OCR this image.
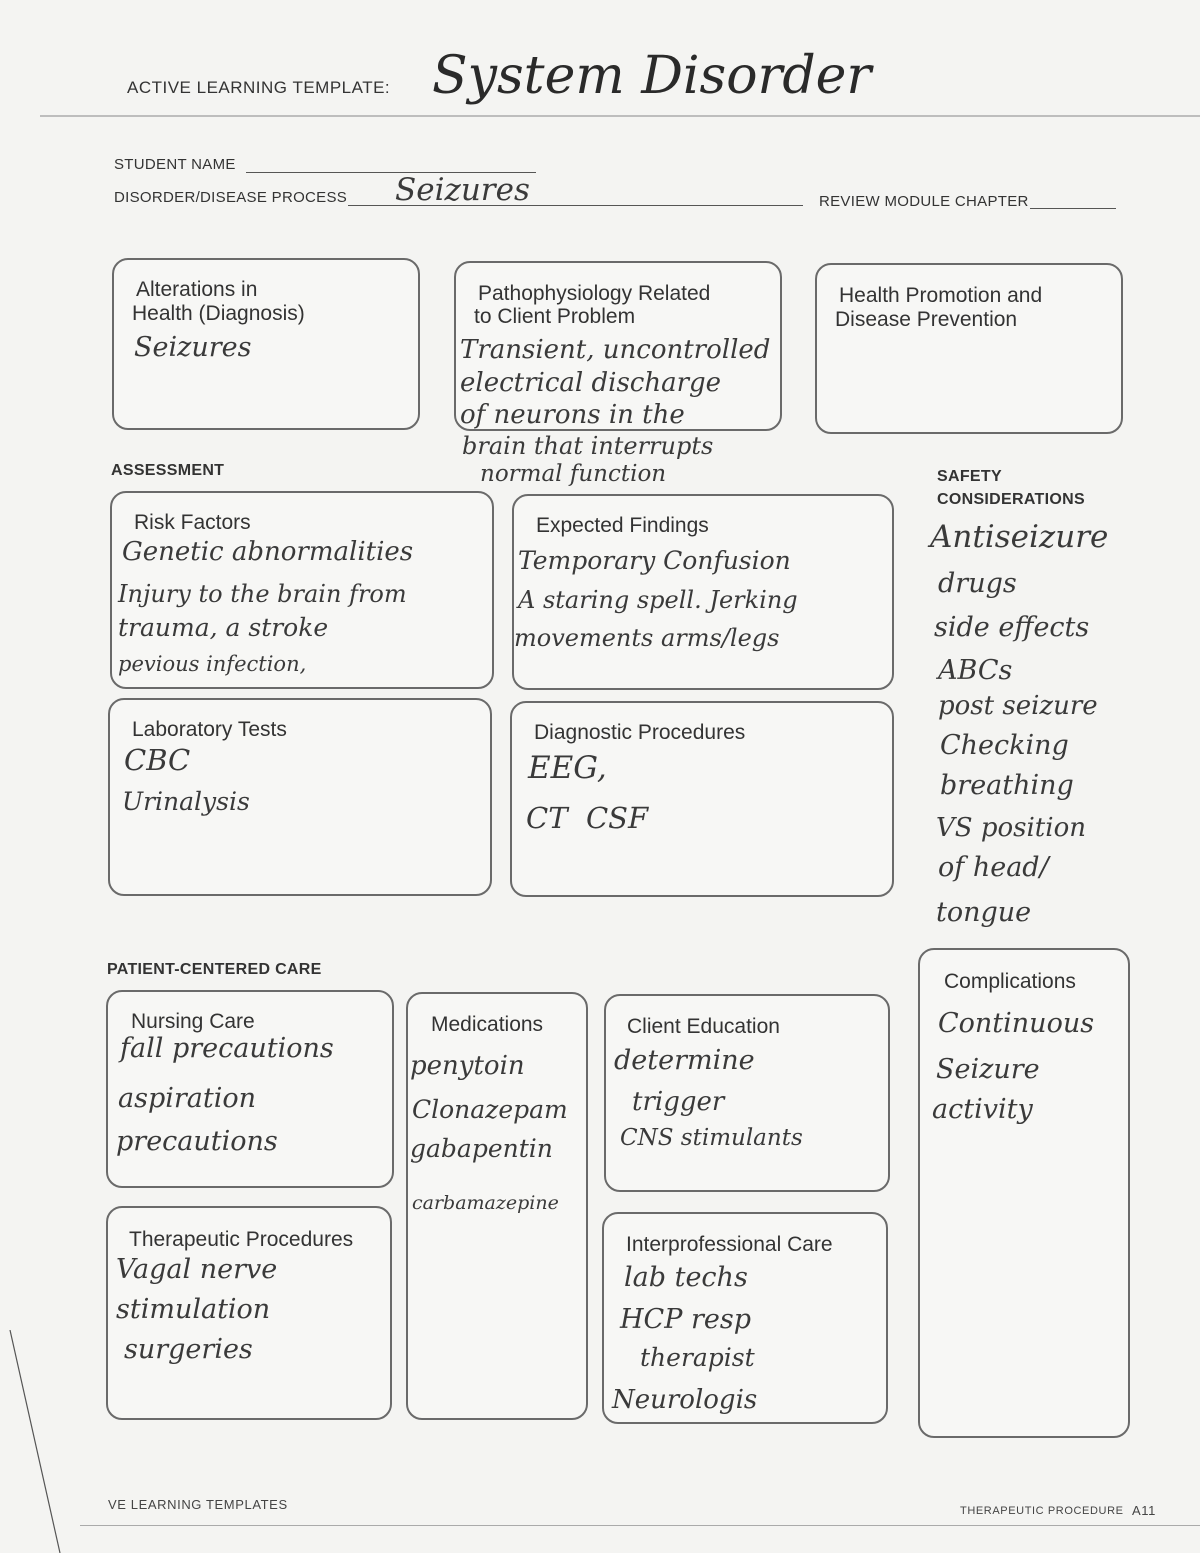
ACTIVE LEARNING TEMPLATE: System Disorder
STUDENT NAME
DISORDER/DISEASE PROCESS Seizures	REVIEW MODULE CHAPTER
Alterations in
Health (Diagnosis)
Seizures
Pathophysiology Related
to Client Problem
Transient, uncontrolled
electrical discharge
of neurons in the
brain that interrupts
normal function
Health Promotion and
Disease Prevention
ASSESSMENT
Risk Factors
Genetic abnormalities
Injury to the brain from
trauma, a stroke
pevious infection,
Expected Findings
Temporary Confusion
A staring spell. Jerking
movements arms/legs
Laboratory Tests
CBC
Urinalysis
Diagnostic Procedures
EEG,
CT  CSF
SAFETY
CONSIDERATIONS
Antiseizure
drugs
side effects
ABCs
post seizure
Checking
breathing
VS position
of head/
tongue
PATIENT-CENTERED CARE
Nursing Care
fall precautions
aspiration
precautions
Medications
penytoin
Clonazepam
gabapentin
carbamazepine
Client Education
determine
trigger
CNS stimulants
Therapeutic Procedures
Vagal nerve
stimulation
surgeries
Interprofessional Care
lab techs
HCP resp
therapist
Neurologis
Complications
Continuous
Seizure
activity
VE LEARNING TEMPLATES	THERAPEUTIC PROCEDURE A11
